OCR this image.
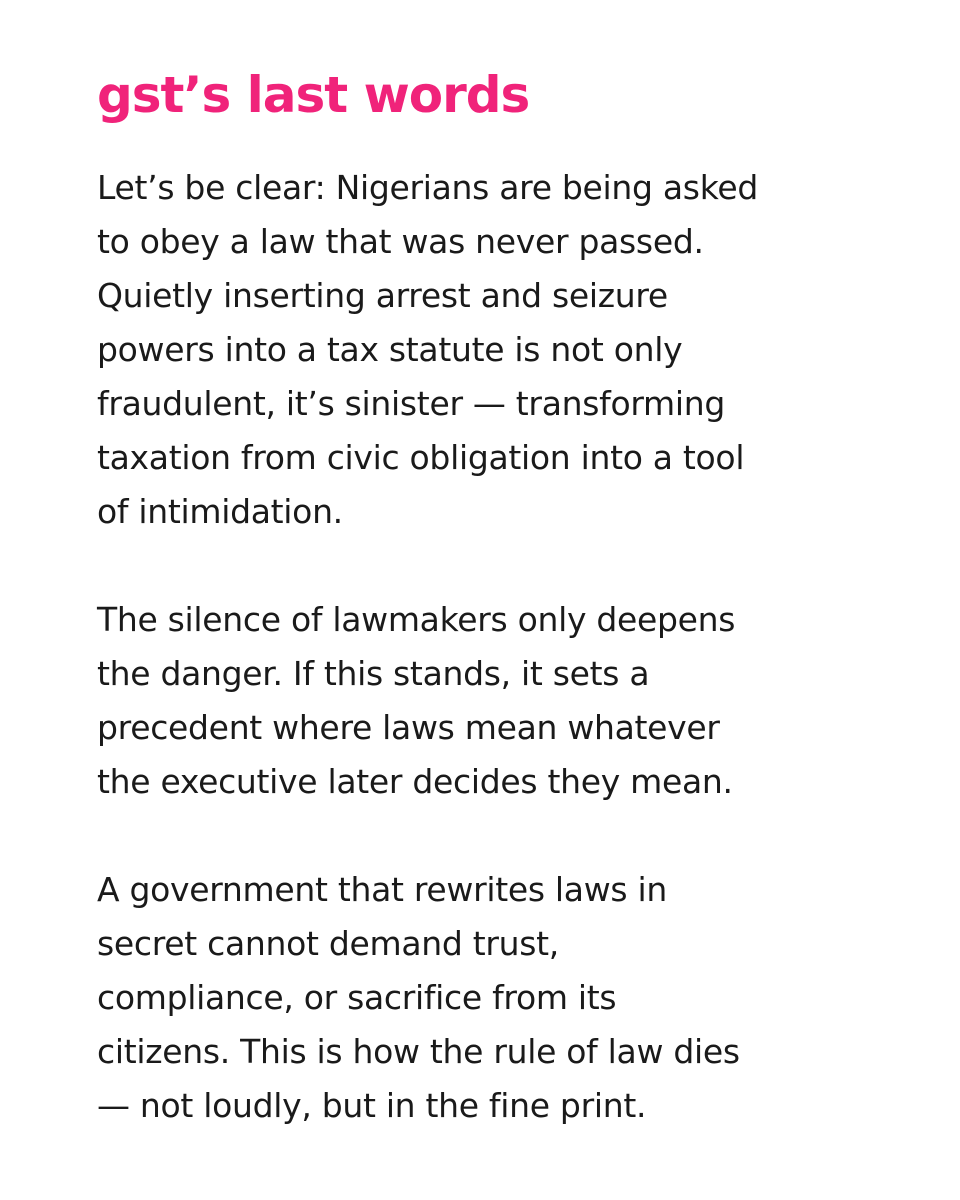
gst’s last words

Let’s be clear: Nigerians are being asked
to obey a law that was never passed.
Quietly inserting arrest and seizure
powers into a tax statute is not only
fraudulent, it’s sinister — transforming
taxation from civic obligation into a tool
of intimidation.

The silence of lawmakers only deepens
the danger. If this stands, it sets a
precedent where laws mean whatever
the executive later decides they mean.

A government that rewrites laws in
secret cannot demand trust,
compliance, or sacrifice from its
citizens. This is how the rule of law dies
— not loudly, but in the fine print.
